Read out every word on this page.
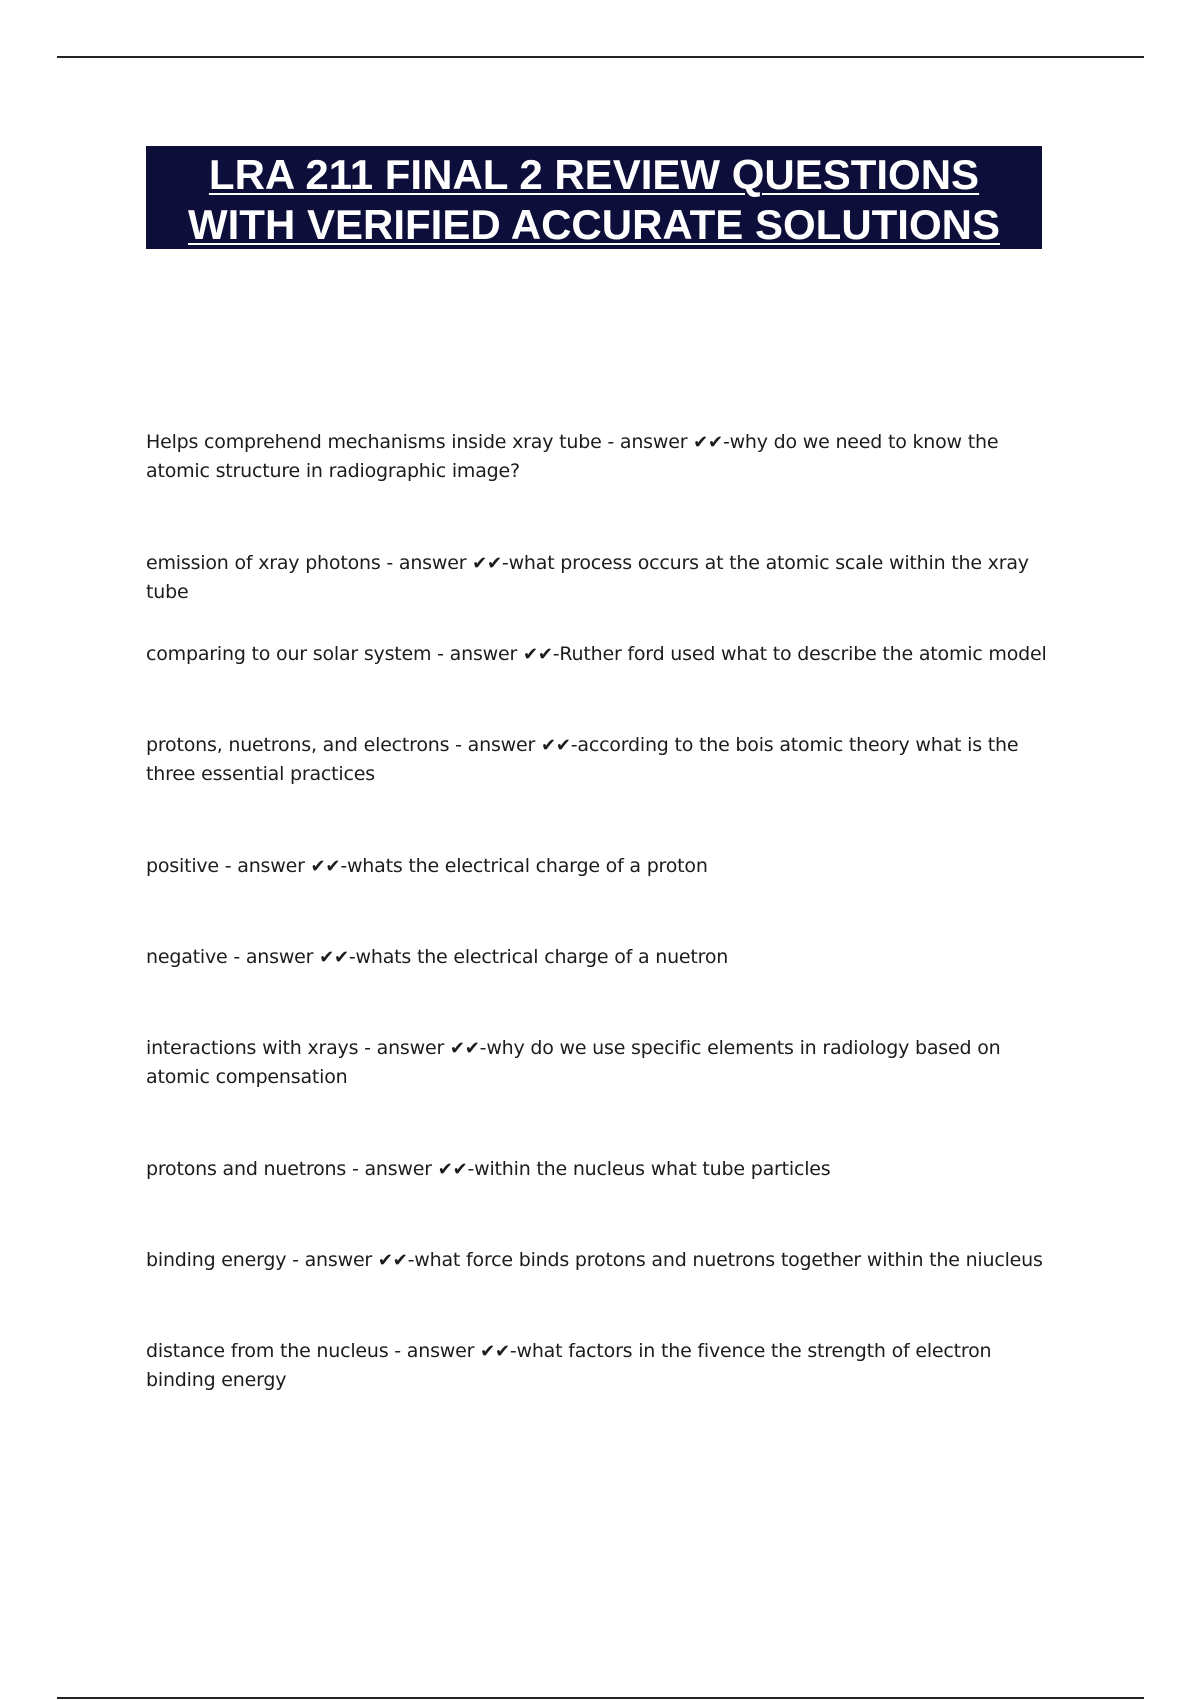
LRA 211 FINAL 2 REVIEW QUESTIONS
WITH VERIFIED ACCURATE SOLUTIONS
Helps comprehend mechanisms inside xray tube - answer ✔✔-why do we need to know the atomic structure in radiographic image?
emission of xray photons - answer ✔✔-what process occurs at the atomic scale within the xray tube
comparing to our solar system - answer ✔✔-Ruther ford used what to describe the atomic model
protons, nuetrons, and electrons - answer ✔✔-according to the bois atomic theory what is the three essential practices
positive - answer ✔✔-whats the electrical charge of a proton
negative - answer ✔✔-whats the electrical charge of a nuetron
interactions with xrays - answer ✔✔-why do we use specific elements in radiology based on atomic compensation
protons and nuetrons - answer ✔✔-within the nucleus what tube particles
binding energy - answer ✔✔-what force binds protons and nuetrons together within the niucleus
distance from the nucleus - answer ✔✔-what factors in the fivence the strength of electron binding energy
